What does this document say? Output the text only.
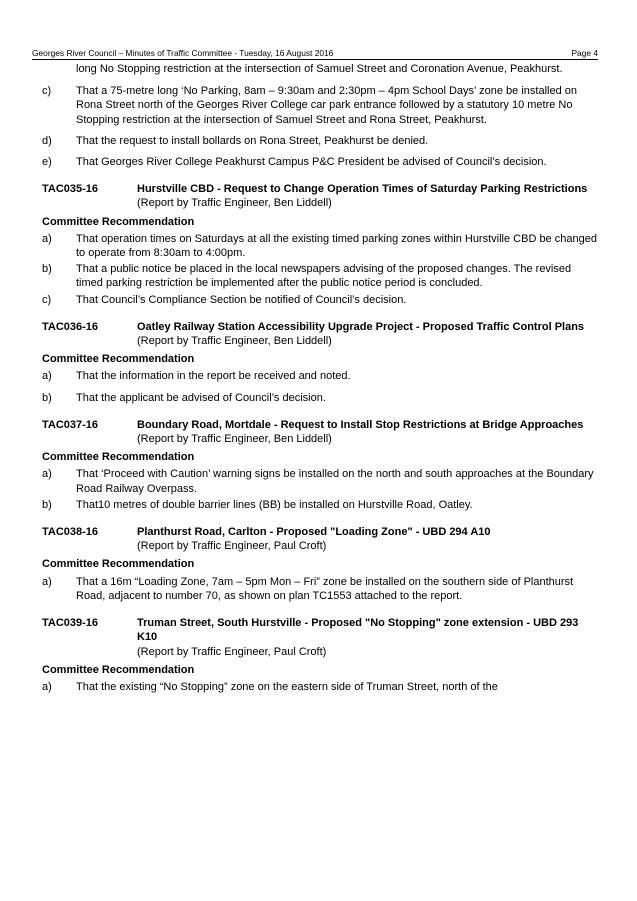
Georges River Council – Minutes of Traffic Committee - Tuesday, 16 August 2016	Page 4
long No Stopping restriction at the intersection of Samuel Street and Coronation Avenue, Peakhurst.
c)	That a 75-metre long ‘No Parking, 8am – 9:30am and 2:30pm – 4pm School Days’ zone be installed on Rona Street north of the Georges River College car park entrance followed by a statutory 10 metre No Stopping restriction at the intersection of Samuel Street and Rona Street, Peakhurst.
d)	That the request to install bollards on Rona Street, Peakhurst be denied.
e)	That Georges River College Peakhurst Campus P&C President be advised of Council’s decision.
TAC035-16	Hurstville CBD - Request to Change Operation Times of Saturday Parking Restrictions
(Report by Traffic Engineer, Ben Liddell)
Committee Recommendation
a)	That operation times on Saturdays at all the existing timed parking zones within Hurstville CBD be changed to operate from 8:30am to 4:00pm.
b)	That a public notice be placed in the local newspapers advising of the proposed changes. The revised timed parking restriction be implemented after the public notice period is concluded.
c)	That Council’s Compliance Section be notified of Council’s decision.
TAC036-16	Oatley Railway Station Accessibility Upgrade Project - Proposed Traffic Control Plans
(Report by Traffic Engineer, Ben Liddell)
Committee Recommendation
a)	That the information in the report be received and noted.
b)	That the applicant be advised of Council’s decision.
TAC037-16	Boundary Road, Mortdale - Request to Install Stop Restrictions at Bridge Approaches
(Report by Traffic Engineer, Ben Liddell)
Committee Recommendation
a)	That ‘Proceed with Caution’ warning signs be installed on the north and south approaches at the Boundary Road Railway Overpass.
b)	That10 metres of double barrier lines (BB) be installed on Hurstville Road, Oatley.
TAC038-16	Planthurst Road, Carlton - Proposed "Loading Zone" - UBD 294 A10
(Report by Traffic Engineer, Paul Croft)
Committee Recommendation
a)	That a 16m “Loading Zone, 7am – 5pm Mon – Fri” zone be installed on the southern side of Planthurst Road, adjacent to number 70, as shown on plan TC1553 attached to the report.
TAC039-16	Truman Street, South Hurstville - Proposed "No Stopping" zone extension - UBD 293 K10
(Report by Traffic Engineer, Paul Croft)
Committee Recommendation
a)	That the existing “No Stopping” zone on the eastern side of Truman Street, north of the
